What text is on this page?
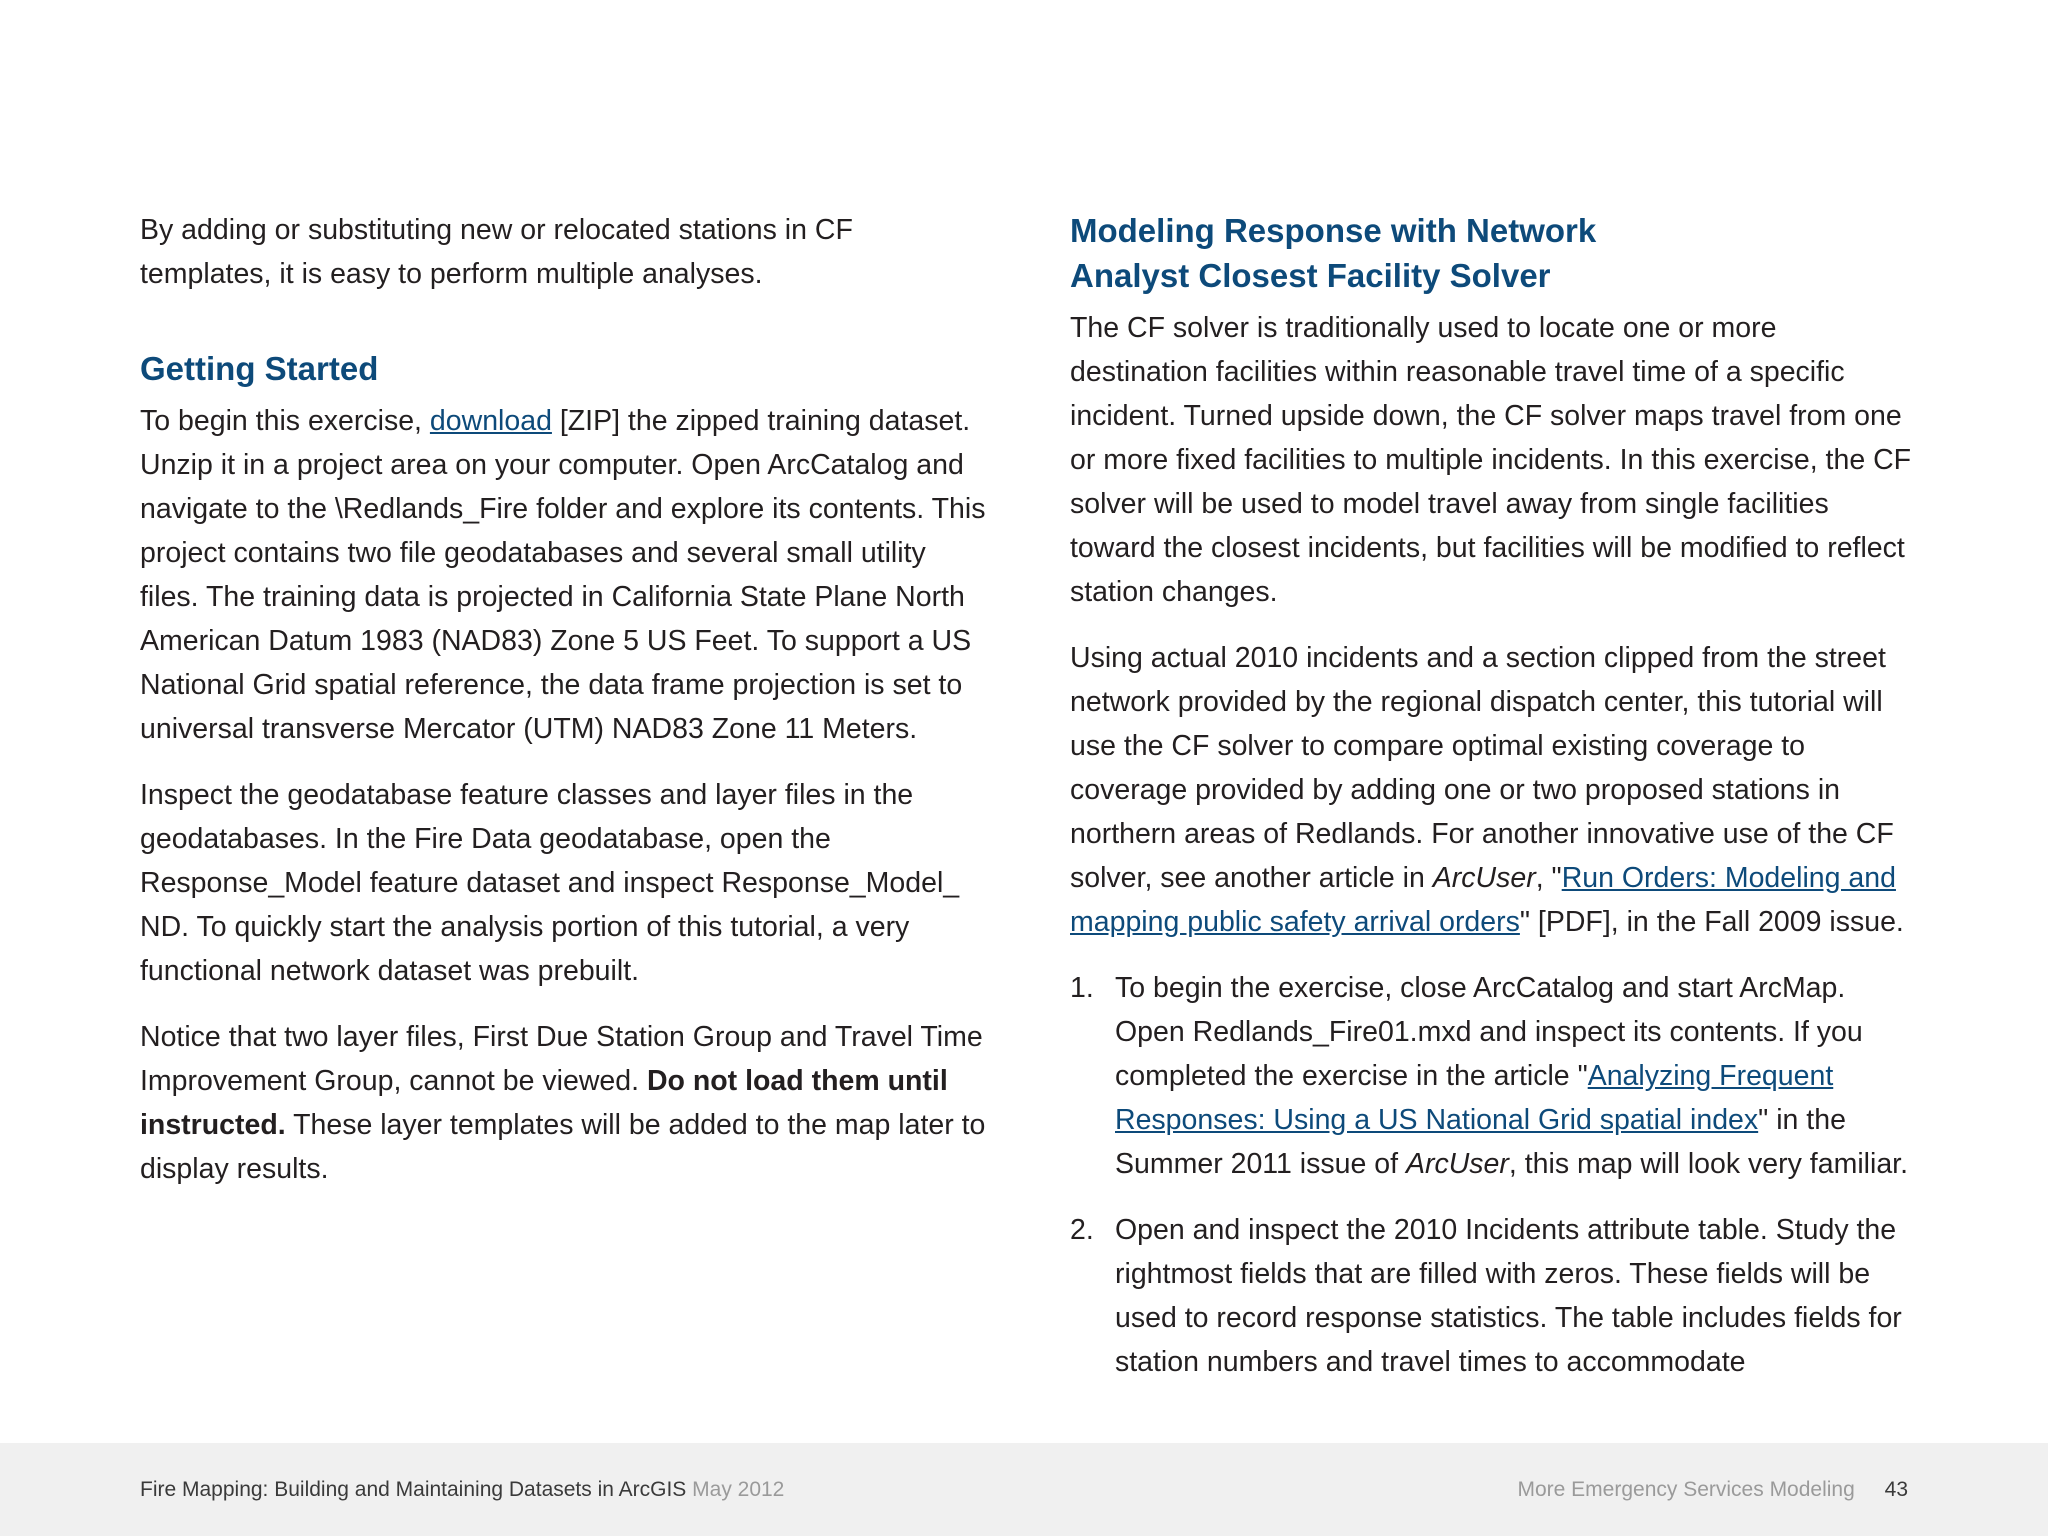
By adding or substituting new or relocated stations in CF templates, it is easy to perform multiple analyses.

Getting Started

To begin this exercise, download [ZIP] the zipped training dataset. Unzip it in a project area on your computer. Open ArcCatalog and navigate to the \Redlands_Fire folder and explore its contents. This project contains two file geodatabases and several small utility files. The training data is projected in California State Plane North American Datum 1983 (NAD83) Zone 5 US Feet. To support a US National Grid spatial reference, the data frame projection is set to universal transverse Mercator (UTM) NAD83 Zone 11 Meters.

Inspect the geodatabase feature classes and layer files in the geodatabases. In the Fire Data geodatabase, open the Response_Model feature dataset and inspect Response_Model_ ND. To quickly start the analysis portion of this tutorial, a very functional network dataset was prebuilt.

Notice that two layer files, First Due Station Group and Travel Time Improvement Group, cannot be viewed. Do not load them until instructed. These layer templates will be added to the map later to display results.

Modeling Response with Network
Analyst Closest Facility Solver

The CF solver is traditionally used to locate one or more destination facilities within reasonable travel time of a specific incident. Turned upside down, the CF solver maps travel from one or more fixed facilities to multiple incidents. In this exercise, the CF solver will be used to model travel away from single facilities toward the closest incidents, but facilities will be modified to reflect station changes.

Using actual 2010 incidents and a section clipped from the street network provided by the regional dispatch center, this tutorial will use the CF solver to compare optimal existing coverage to coverage provided by adding one or two proposed stations in northern areas of Redlands. For another innovative use of the CF solver, see another article in ArcUser, "Run Orders: Modeling and mapping public safety arrival orders" [PDF], in the Fall 2009 issue.

1. To begin the exercise, close ArcCatalog and start ArcMap. Open Redlands_Fire01.mxd and inspect its contents. If you completed the exercise in the article "Analyzing Frequent Responses: Using a US National Grid spatial index" in the Summer 2011 issue of ArcUser, this map will look very familiar.
2. Open and inspect the 2010 Incidents attribute table. Study the rightmost fields that are filled with zeros. These fields will be used to record response statistics. The table includes fields for station numbers and travel times to accommodate
Fire Mapping: Building and Maintaining Datasets in ArcGIS May 2012	More Emergency Services Modeling 43
